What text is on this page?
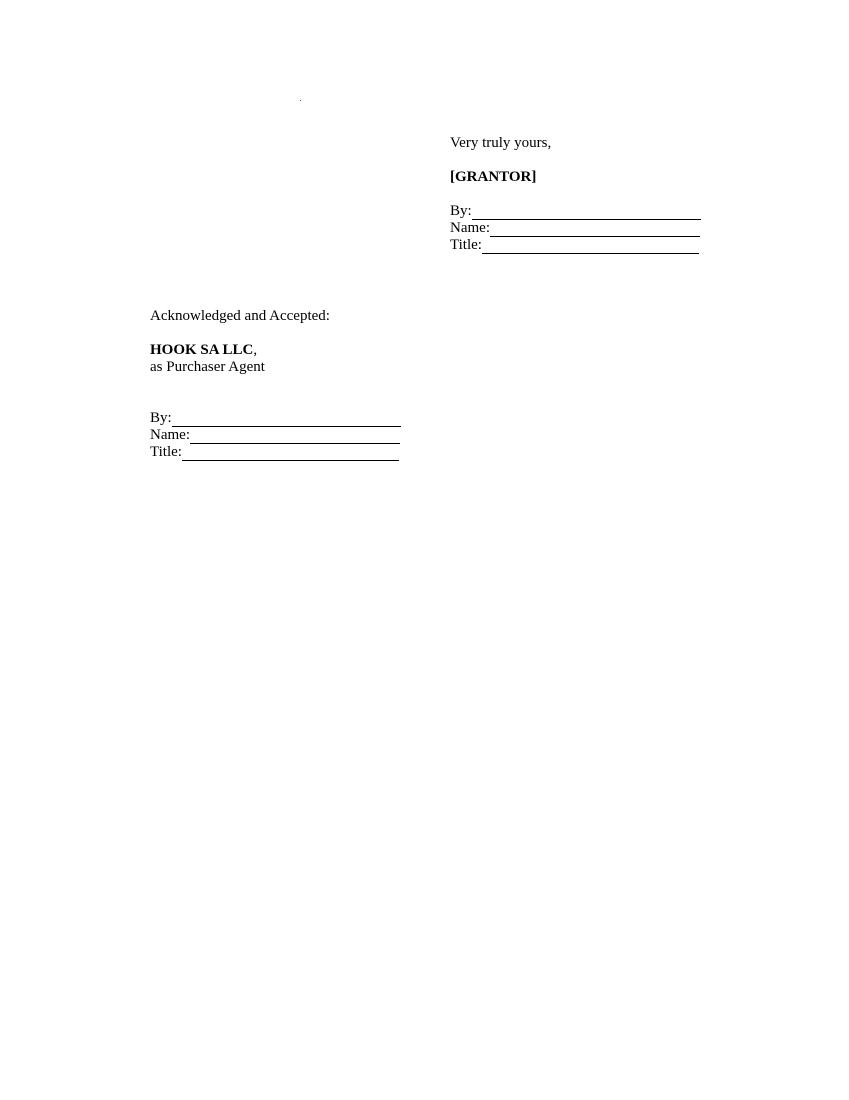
Very truly yours,
[GRANTOR]
By:
Name:
Title:
Acknowledged and Accepted:
HOOK SA LLC,
as Purchaser Agent
By:
Name:
Title:
